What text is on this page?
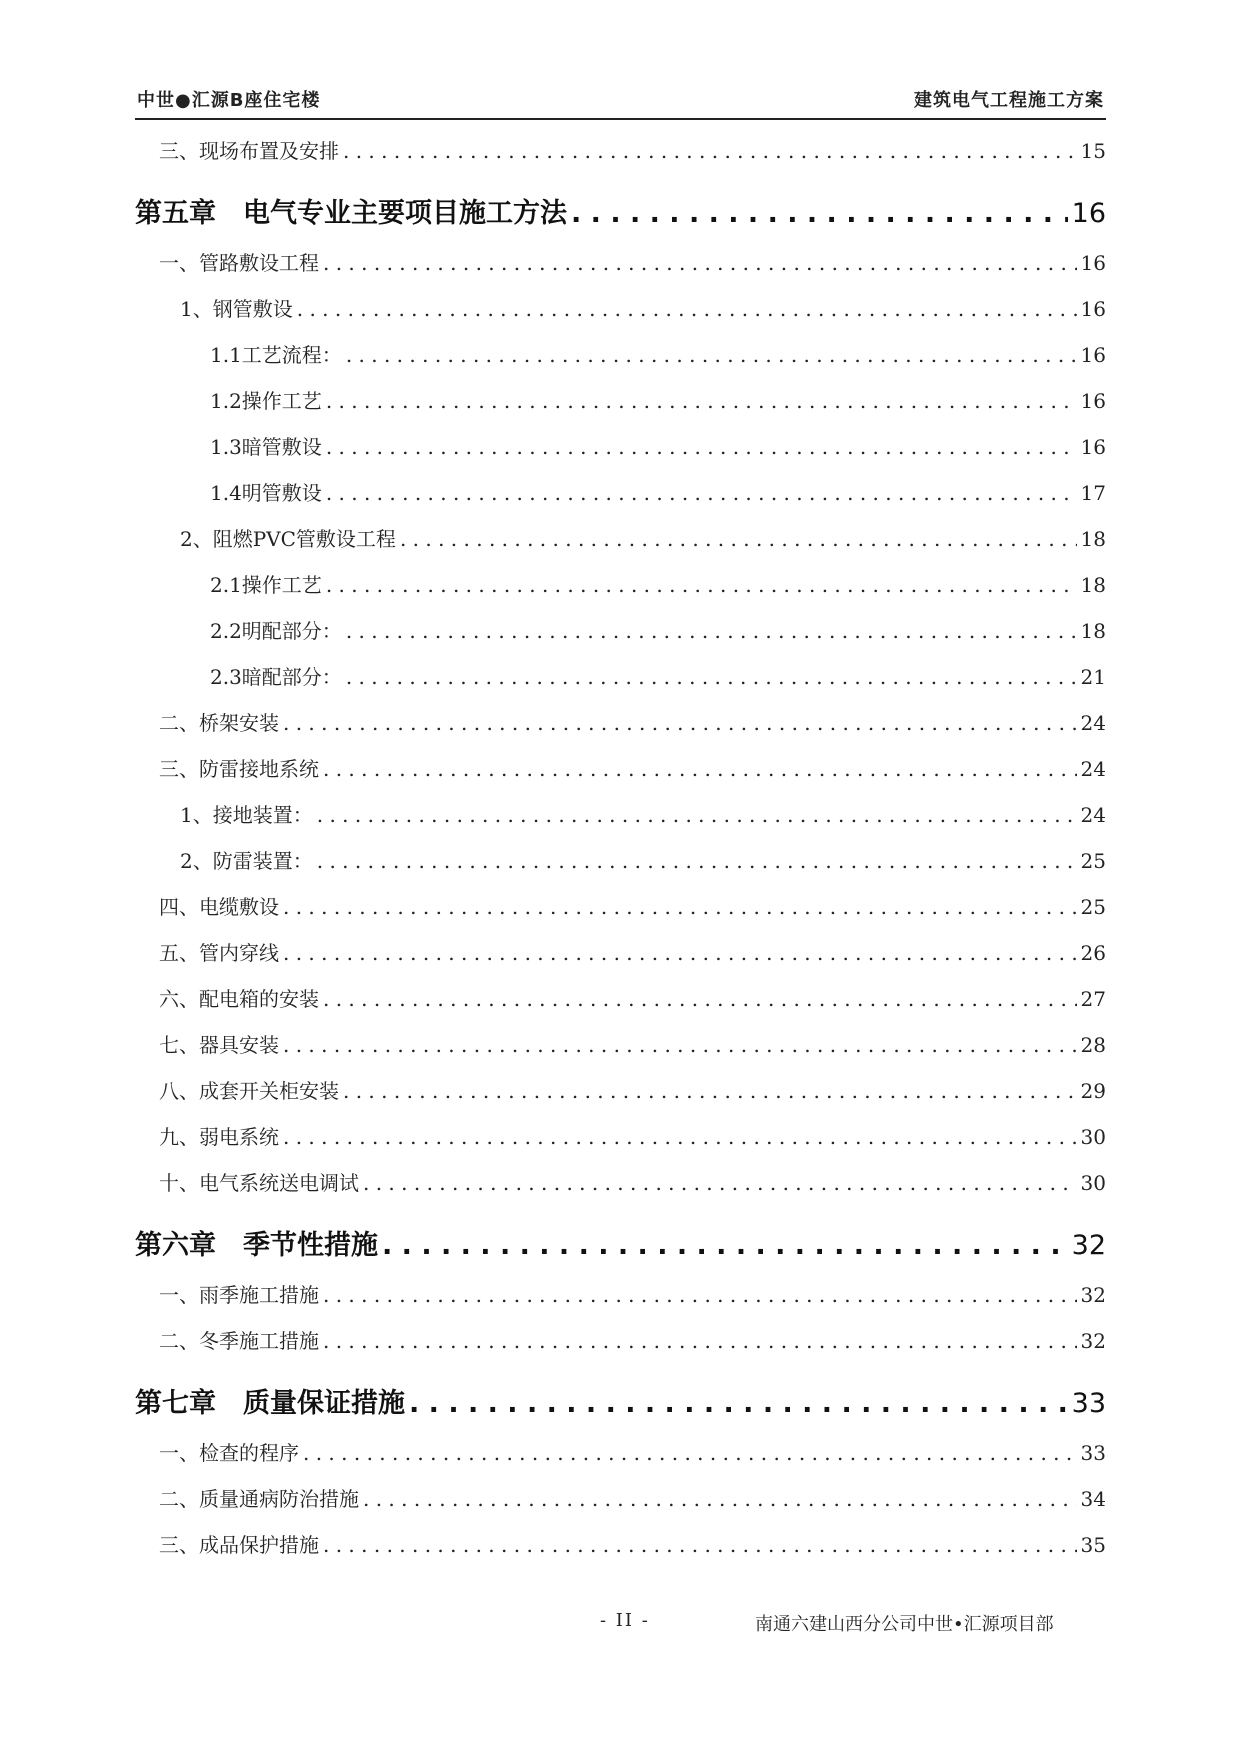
中世●汇源B座住宅楼	建筑电气工程施工方案
三、现场布置及安排 . . .	15
第五章　电气专业主要项目施工方法 . . .	16
一、管路敷设工程 . . .	16
1、钢管敷设 . . .	16
1.1工艺流程： . . .	16
1.2操作工艺 . . .	16
1.3暗管敷设 . . .	16
1.4明管敷设 . . .	17
2、阻燃PVC管敷设工程 . . .	18
2.1操作工艺 . . .	18
2.2明配部分： . . .	18
2.3暗配部分： . . .	21
二、桥架安装 . . .	24
三、防雷接地系统 . . .	24
1、接地装置： . . .	24
2、防雷装置： . . .	25
四、电缆敷设 . . .	25
五、管内穿线 . . .	26
六、配电箱的安装 . . .	27
七、器具安装 . . .	28
八、成套开关柜安装 . . .	29
九、弱电系统 . . .	30
十、电气系统送电调试 . . .	30
第六章　季节性措施 . . .	32
一、雨季施工措施 . . .	32
二、冬季施工措施 . . .	32
第七章　质量保证措施 . . .	33
一、检查的程序 . . .	33
二、质量通病防治措施 . . .	34
三、成品保护措施 . . .	35
- II -	南通六建山西分公司中世•汇源项目部
